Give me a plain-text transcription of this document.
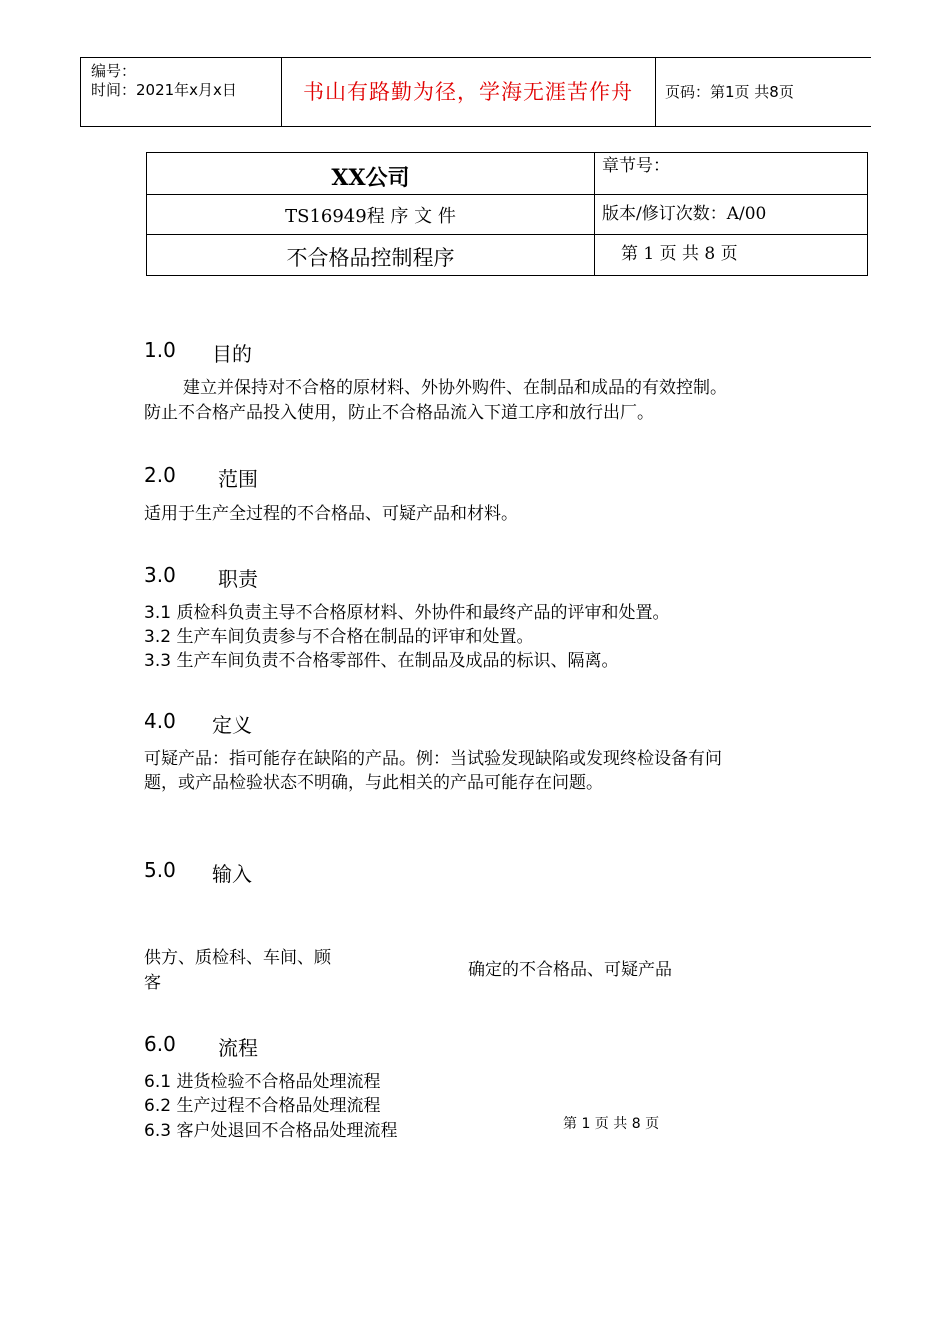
编号：
时间：2021年x月x日	书山有路勤为径，学海无涯苦作舟	页码：第1页 共8页
XX公司	章节号：
TS16949程 序 文 件	版本/修订次数：A/00
不合格品控制程序	第 1 页 共 8 页
1.0 目的
建立并保持对不合格的原材料、外协外购件、在制品和成品的有效控制。
防止不合格产品投入使用，防止不合格品流入下道工序和放行出厂。
2.0 范围
适用于生产全过程的不合格品、可疑产品和材料。
3.0 职责
3.1 质检科负责主导不合格原材料、外协件和最终产品的评审和处置。
3.2 生产车间负责参与不合格在制品的评审和处置。
3.3 生产车间负责不合格零部件、在制品及成品的标识、隔离。
4.0 定义
可疑产品：指可能存在缺陷的产品。例：当试验发现缺陷或发现终检设备有问
题，或产品检验状态不明确，与此相关的产品可能存在问题。
5.0 输入
供方、质检科、车间、顾
客
确定的不合格品、可疑产品
6.0 流程
6.1 进货检验不合格品处理流程
6.2 生产过程不合格品处理流程
6.3 客户处退回不合格品处理流程	第 1 页 共 8 页
